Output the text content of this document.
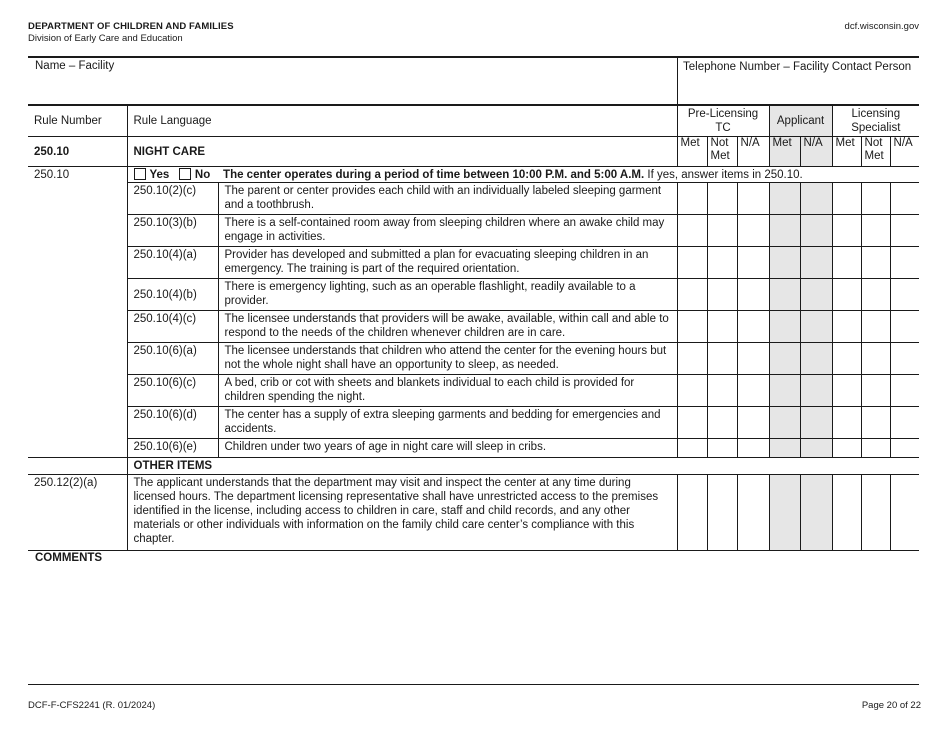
DEPARTMENT OF CHILDREN AND FAMILIES
Division of Early Care and Education
dcf.wisconsin.gov
Name – Facility	Telephone Number – Facility Contact Person
Rule Number	Rule Language		Pre-Licensing TC			Applicant		Licensing Specialist		
250.10	NIGHT CARE		Met	Not Met	N/A	Met	N/A	Met	Not Met	N/A
250.10	Yes No The center operates during a period of time between 10:00 P.M. and 5:00 A.M. If yes, answer items in 250.10.									
	250.10(2)(c)	The parent or center provides each child with an individually labeled sleeping garment and a toothbrush.								
	250.10(3)(b)	There is a self-contained room away from sleeping children where an awake child may engage in activities.								
	250.10(4)(a)	Provider has developed and submitted a plan for evacuating sleeping children in an emergency. The training is part of the required orientation.								
	250.10(4)(b)	There is emergency lighting, such as an operable flashlight, readily available to a provider.								
	250.10(4)(c)	The licensee understands that providers will be awake, available, within call and able to respond to the needs of the children whenever children are in care.								
	250.10(6)(a)	The licensee understands that children who attend the center for the evening hours but not the whole night shall have an opportunity to sleep, as needed.								
	250.10(6)(c)	A bed, crib or cot with sheets and blankets individual to each child is provided for children spending the night.								
	250.10(6)(d)	The center has a supply of extra sleeping garments and bedding for emergencies and accidents.								
	250.10(6)(e)	Children under two years of age in night care will sleep in cribs.								
	OTHER ITEMS									
250.12(2)(a)	The applicant understands that the department may visit and inspect the center at any time during licensed hours. The department licensing representative shall have unrestricted access to the premises identified in the license, including access to children in care, staff and child records, and any other materials or other individuals with information on the family child care center’s compliance with this chapter.									
COMMENTS
DCF-F-CFS2241 (R. 01/2024)	Page 20 of 22
